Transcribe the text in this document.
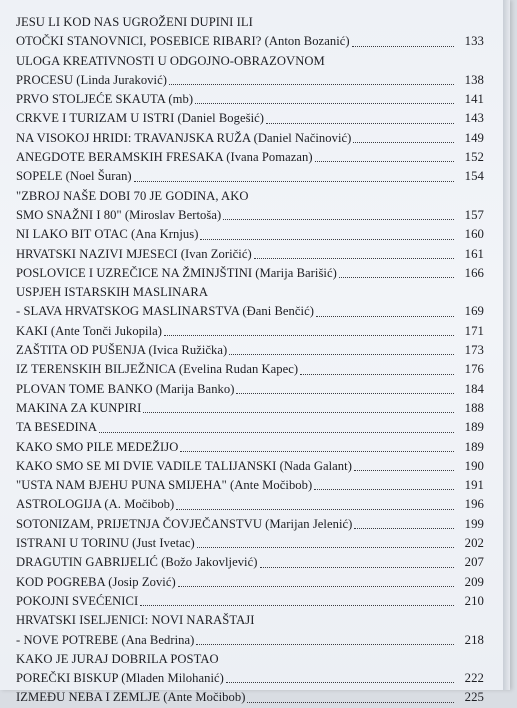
JESU LI KOD NAS UGROŽENI DUPINI ILI
OTOČKI STANOVNICI, POSEBICE RIBARI? (Anton Bozanić)	133
ULOGA KREATIVNOSTI U ODGOJNO-OBRAZOVNOM
PROCESU (Linda Juraković)	138
PRVO STOLJEĆE SKAUTA (mb)	141
CRKVE I TURIZAM U ISTRI (Daniel Bogešić)	143
NA VISOKOJ HRIDI: TRAVANJSKA RUŽA (Daniel Načinović)	149
ANEGDOTE BERAMSKIH FRESAKA (Ivana Pomazan)	152
SOPELE (Noel Šuran)	154
"ZBROJ NAŠE DOBI 70 JE GODINA, AKO
SMO SNAŽNI I 80" (Miroslav Bertoša)	157
NI LAKO BIT OTAC (Ana Krnjus)	160
HRVATSKI NAZIVI MJESECI (Ivan Zoričić)	161
POSLOVICE I UZREČICE NA ŽMINJŠTINI (Marija Barišić)	166
USPJEH ISTARSKIH MASLINARA
- SLAVA HRVATSKOG MASLINARSTVA (Đani Benčić)	169
KAKI (Ante Tonči Jukopila)	171
ZAŠTITA OD PUŠENJA (Ivica Ružička)	173
IZ TERENSKIH BILJEŽNICA (Evelina Rudan Kapec)	176
PLOVAN TOME BANKO (Marija Banko)	184
MAKINA ZA KUNPIRI	188
TA BESEDINA	189
KAKO SMO PILE MEDEŽIJO	189
KAKO SMO SE MI DVIE VADILE TALIJANSKI (Nada Galant)	190
"USTA NAM BJEHU PUNA SMIJEHA" (Ante Močibob)	191
ASTROLOGIJA (A. Močibob)	196
SOTONIZAM, PRIJETNJA ČOVJEČANSTVU (Marijan Jelenić)	199
ISTRANI U TORINU (Just Ivetac)	202
DRAGUTIN GABRIJELIĆ (Božo Jakovljević)	207
KOD POGREBA (Josip Zović)	209
POKOJNI SVEĆENICI	210
HRVATSKI ISELJENICI: NOVI NARAŠTAJI
- NOVE POTREBE (Ana Bedrina)	218
KAKO JE JURAJ DOBRILA POSTAO
POREČKI BISKUP (Mladen Milohanić)	222
IZMEĐU NEBA I ZEMLJE (Ante Močibob)	225
